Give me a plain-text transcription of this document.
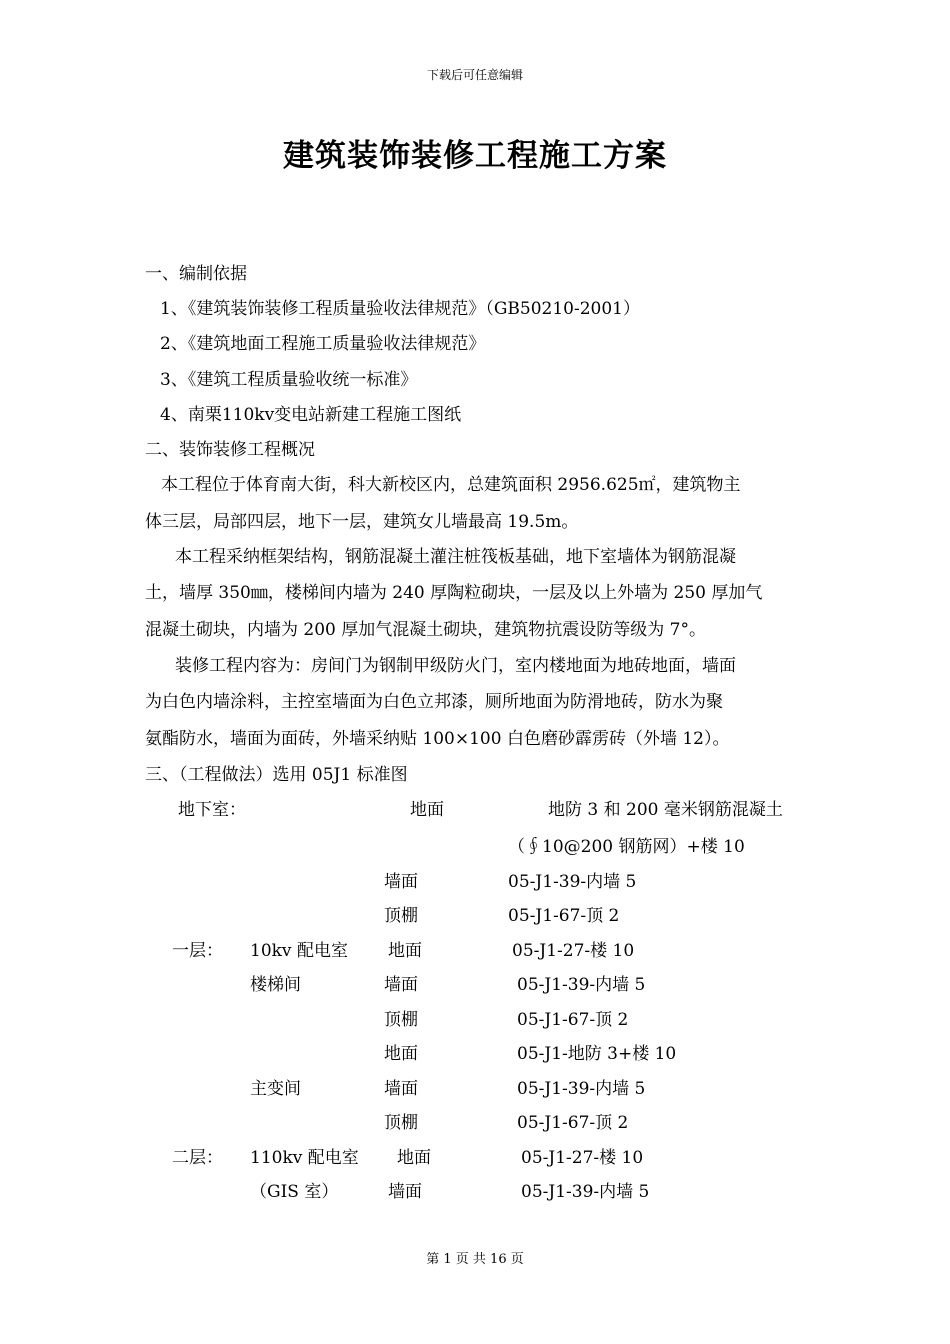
下载后可任意编辑
建筑装饰装修工程施工方案
一、编制依据
1、《建筑装饰装修工程质量验收法律规范》（GB50210-2001）
2、《建筑地面工程施工质量验收法律规范》
3、《建筑工程质量验收统一标准》
4、南栗110kv变电站新建工程施工图纸
二、装饰装修工程概况
本工程位于体育南大街，科大新校区内，总建筑面积 2956.625㎡，建筑物主
体三层，局部四层，地下一层，建筑女儿墙最高 19.5m。
本工程采纳框架结构，钢筋混凝土灌注桩筏板基础，地下室墙体为钢筋混凝
土，墙厚 350㎜，楼梯间内墙为 240 厚陶粒砌块，一层及以上外墙为 250 厚加气
混凝土砌块，内墙为 200 厚加气混凝土砌块，建筑物抗震设防等级为 7°。
装修工程内容为：房间门为钢制甲级防火门，室内楼地面为地砖地面，墙面
为白色内墙涂料，主控室墙面为白色立邦漆，厕所地面为防滑地砖，防水为聚
氨酯防水，墙面为面砖，外墙采纳贴 100×100 白色磨砂霹雳砖（外墙 12）。
三、（工程做法）选用 05J1 标准图
地下室：	地面	地防 3 和 200 毫米钢筋混凝土
（∮10@200 钢筋网）+楼 10
墙面	05-J1-39-内墙 5
顶棚	05-J1-67-顶 2
一层： 10kv 配电室 地面	05-J1-27-楼 10
楼梯间	墙面	05-J1-39-内墙 5
顶棚	05-J1-67-顶 2
地面	05-J1-地防 3+楼 10
主变间	墙面	05-J1-39-内墙 5
顶棚	05-J1-67-顶 2
二层： 110kv 配电室 地面	05-J1-27-楼 10
（GIS 室）	墙面	05-J1-39-内墙 5
第 1 页 共 16 页
